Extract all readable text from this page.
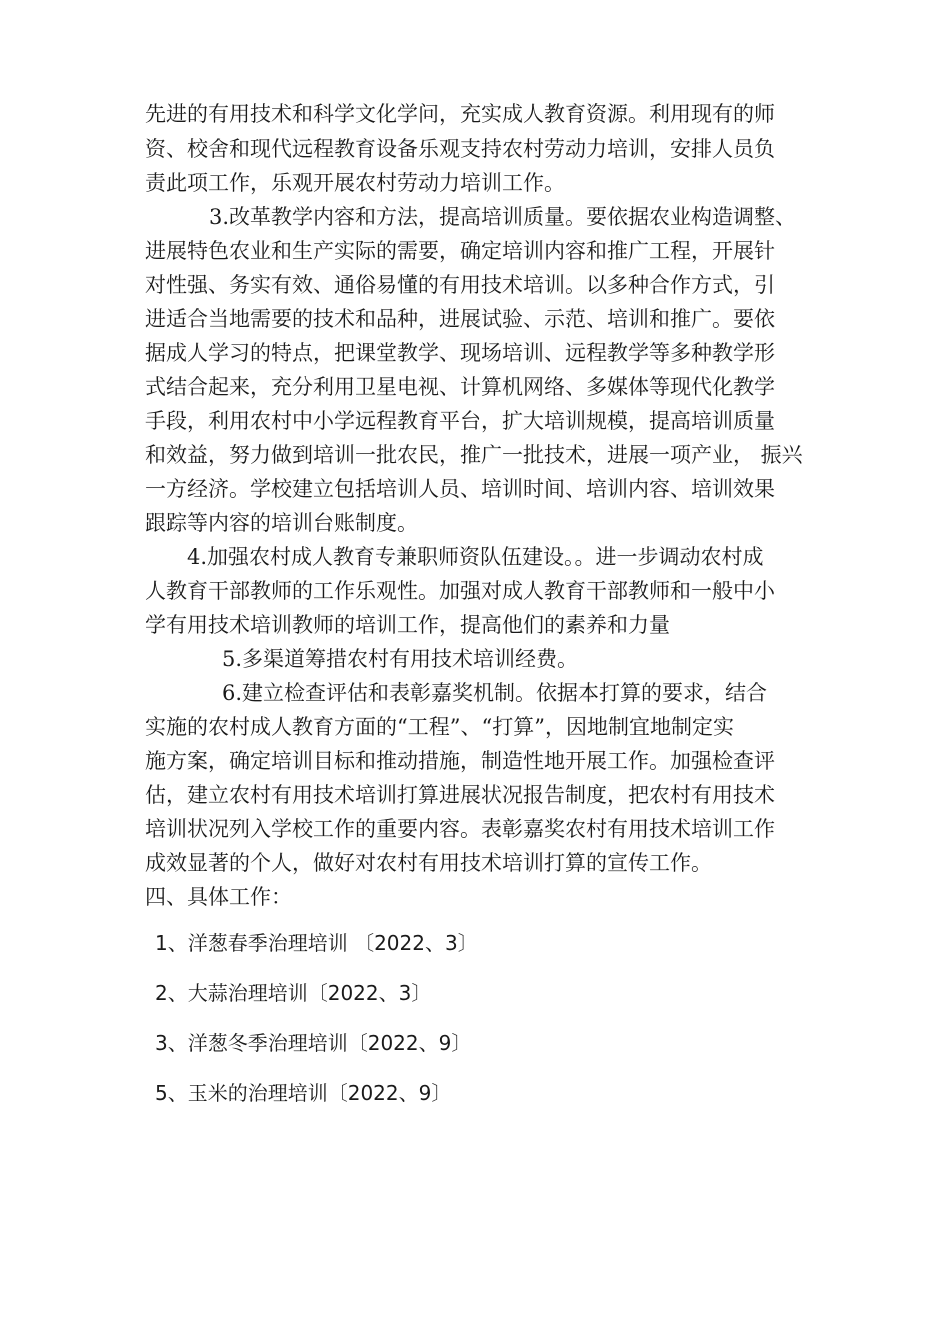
先进的有用技术和科学文化学问，充实成人教育资源。利用现有的师
资、校舍和现代远程教育设备乐观支持农村劳动力培训，安排人员负
责此项工作，乐观开展农村劳动力培训工作。
3.改革教学内容和方法，提高培训质量。要依据农业构造调整、
进展特色农业和生产实际的需要，确定培训内容和推广工程，开展针
对性强、务实有效、通俗易懂的有用技术培训。以多种合作方式，引
进适合当地需要的技术和品种，进展试验、示范、培训和推广。要依
据成人学习的特点，把课堂教学、现场培训、远程教学等多种教学形
式结合起来，充分利用卫星电视、计算机网络、多媒体等现代化教学
手段，利用农村中小学远程教育平台，扩大培训规模，提高培训质量
和效益，努力做到培训一批农民，推广一批技术，进展一项产业， 振兴
一方经济。学校建立包括培训人员、培训时间、培训内容、培训效果
跟踪等内容的培训台账制度。
4.加强农村成人教育专兼职师资队伍建设。。进一步调动农村成
人教育干部教师的工作乐观性。加强对成人教育干部教师和一般中小
学有用技术培训教师的培训工作，提高他们的素养和力量
5.多渠道筹措农村有用技术培训经费。
6.建立检查评估和表彰嘉奖机制。依据本打算的要求，结合
实施的农村成人教育方面的“工程”、“打算”，因地制宜地制定实
施方案，确定培训目标和推动措施，制造性地开展工作。加强检查评
估，建立农村有用技术培训打算进展状况报告制度，把农村有用技术
培训状况列入学校工作的重要内容。表彰嘉奖农村有用技术培训工作
成效显著的个人，做好对农村有用技术培训打算的宣传工作。
四、具体工作：
1、洋葱春季治理培训 〔2022、3〕
2、大蒜治理培训〔2022、3〕
3、洋葱冬季治理培训〔2022、9〕
5、玉米的治理培训〔2022、9〕
